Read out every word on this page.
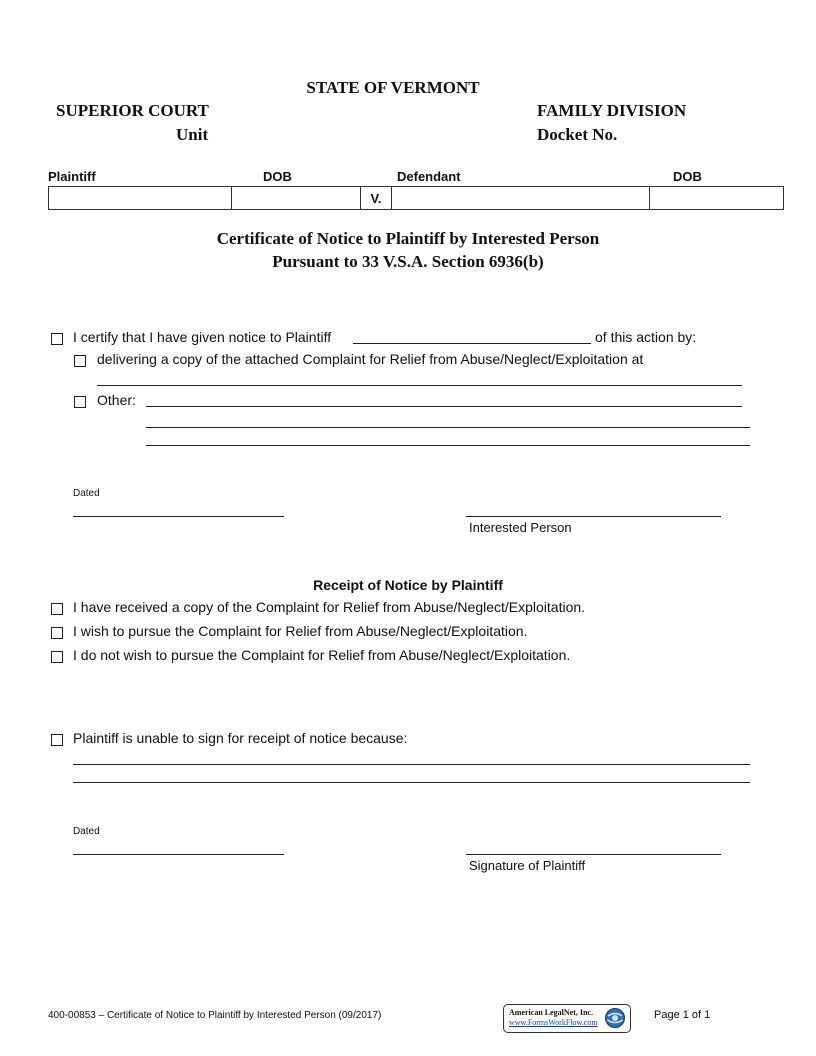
STATE OF VERMONT
SUPERIOR COURT	FAMILY DIVISION
Unit	Docket No.
Plaintiff	DOB	Defendant	DOB
		V.		
Certificate of Notice to Plaintiff by Interested Person
Pursuant to 33 V.S.A. Section 6936(b)
I certify that I have given notice to Plaintiff	of this action by:
delivering a copy of the attached Complaint for Relief from Abuse/Neglect/Exploitation at
Other:
Dated
Interested Person
Receipt of Notice by Plaintiff
I have received a copy of the Complaint for Relief from Abuse/Neglect/Exploitation.
I wish to pursue the Complaint for Relief from Abuse/Neglect/Exploitation.
I do not wish to pursue the Complaint for Relief from Abuse/Neglect/Exploitation.
Plaintiff is unable to sign for receipt of notice because:
Dated
Signature of Plaintiff
400-00853 – Certificate of Notice to Plaintiff by Interested Person (09/2017)	American LegalNet, Inc.
www.FormsWorkFlow.com
Page 1 of 1
